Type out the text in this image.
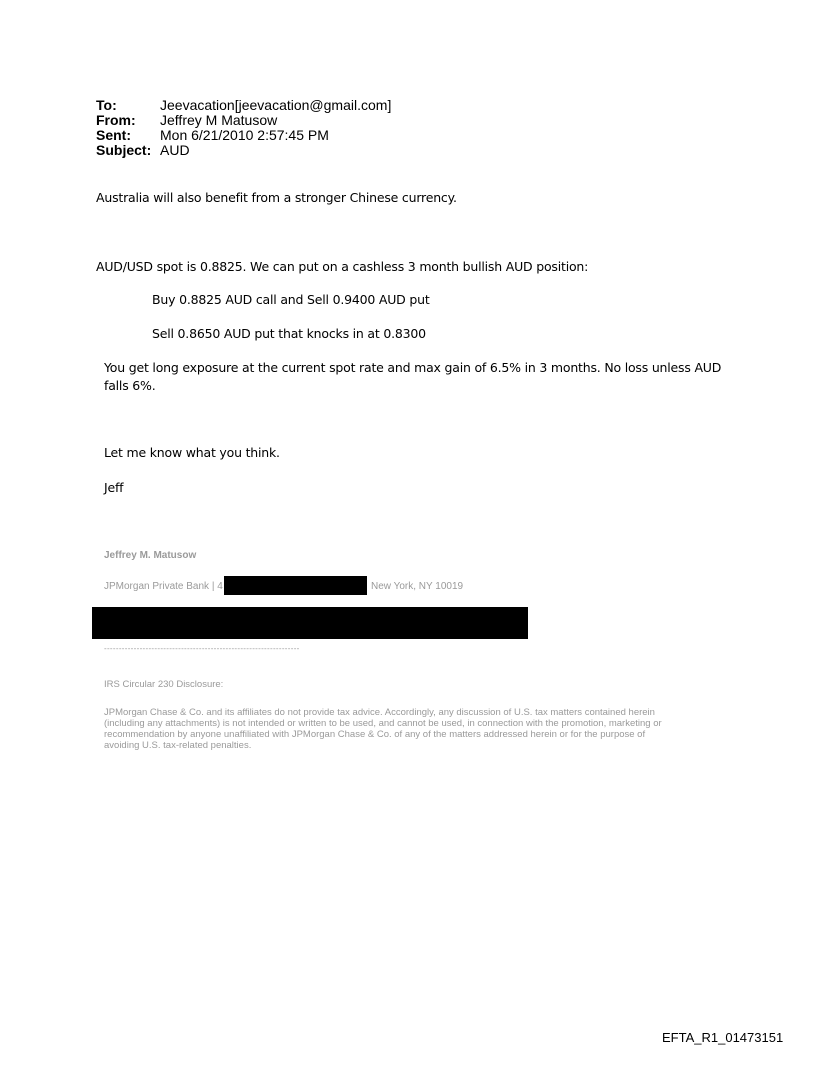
To:	Jeevacation[jeevacation@gmail.com]
From: Jeffrey M Matusow
Sent: Mon 6/21/2010 2:57:45 PM
Subject: AUD
Australia will also benefit from a stronger Chinese currency.
AUD/USD spot is 0.8825. We can put on a cashless 3 month bullish AUD position:
Buy 0.8825 AUD call and Sell 0.9400 AUD put
Sell 0.8650 AUD put that knocks in at 0.8300
You get long exposure at the current spot rate and max gain of 6.5% in 3 months. No loss unless AUD
falls 6%.
Let me know what you think.
Jeff
Jeffrey M. Matusow
JPMorgan Private Bank | 4	New York, NY 10019
------------------------------------------------------------------
IRS Circular 230 Disclosure:
JPMorgan Chase & Co. and its affiliates do not provide tax advice. Accordingly, any discussion of U.S. tax matters contained herein
(including any attachments) is not intended or written to be used, and cannot be used, in connection with the promotion, marketing or
recommendation by anyone unaffiliated with JPMorgan Chase & Co. of any of the matters addressed herein or for the purpose of
avoiding U.S. tax-related penalties.
EFTA_R1_01473151
